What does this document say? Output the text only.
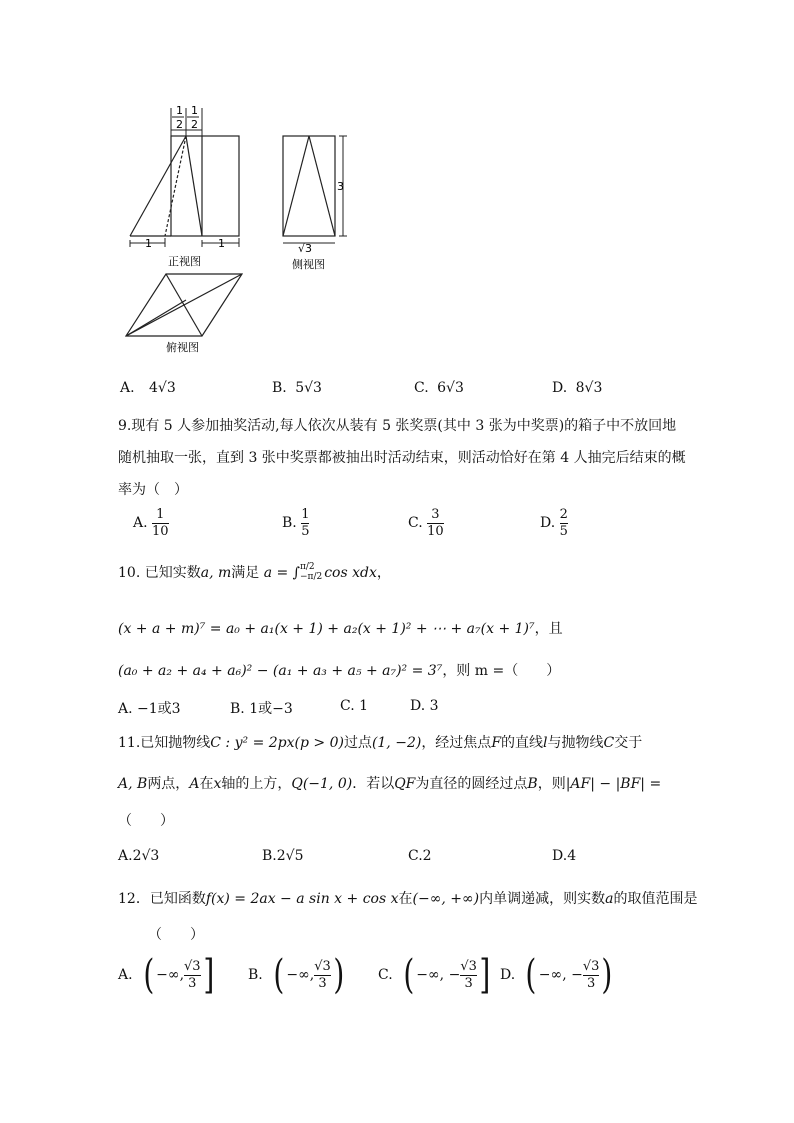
1
2
1
2
1	1
正视图
3
√3
侧视图
俯视图
A. 4√3	B. 5√3	C. 6√3	D. 8√3
9.现有 5 人参加抽奖活动,每人依次从装有 5 张奖票(其中 3 张为中奖票)的箱子中不放回地
随机抽取一张，直到 3 张中奖票都被抽出时活动结束，则活动恰好在第 4 人抽完后结束的概
率为（　）
A. $\frac{1}{10}$	B. $\frac{1}{5}$	C. $\frac{3}{10}$	D. $\frac{2}{5}$
10. 已知实数a, m满足 a = ∫ π/2
−π/2 cos xdx，
(x + a + m)⁷ = a₀ + a₁(x + 1) + a₂(x + 1)² + ⋯ + a₇(x + 1)⁷，且
(a₀ + a₂ + a₄ + a₆)² − (a₁ + a₃ + a₅ + a₇)² = 3⁷，则 m =（　　）
A. −1或3	B. 1或−3	C. 1	D. 3
11.已知抛物线C : y² = 2px(p > 0)过点(1, −2)，经过焦点F的直线l与抛物线C交于
A, B两点，A在x轴的上方，Q(−1, 0)．若以QF为直径的圆经过点B，则|AF| − |BF| =
（　　）
A.2√3	B.2√5	C.2	D.4
12．已知函数f(x) = 2ax − a sin x + cos x在(−∞, +∞)内单调递减，则实数a的取值范围是
（　　）
A. ( −∞, $\frac{√3}{3}$ ] B. ( −∞, $\frac{√3}{3}$ ) C. ( −∞, − $\frac{√3}{3}$ ] D. ( −∞, − $\frac{√3}{3}$ )
